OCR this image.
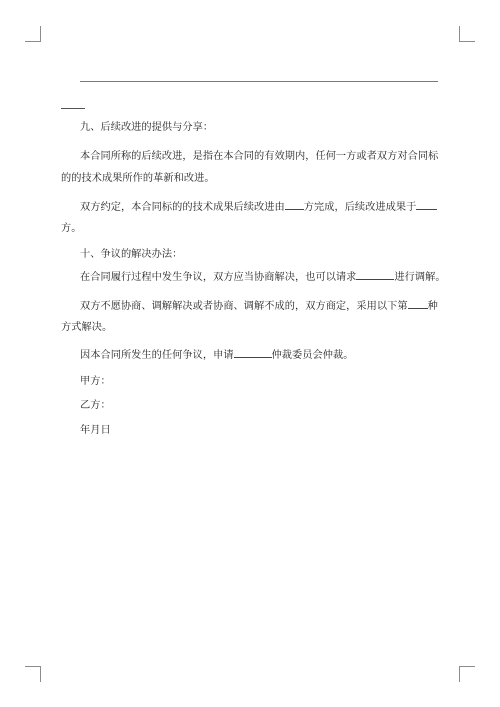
九、后续改进的提供与分享：
本合同所称的后续改进，是指在本合同的有效期内，任何一方或者双方对合同标
的的技术成果所作的革新和改进。
双方约定，本合同标的的技术成果后续改进由 方完成，后续改进成果于
方。
十、争议的解决办法：
在合同履行过程中发生争议，双方应当协商解决，也可以请求	进行调解。
双方不愿协商、调解解决或者协商、调解不成的，双方商定，采用以下第 种
方式解决。
因本合同所发生的任何争议，申请	仲裁委员会仲裁。
甲方：
乙方：
年月日
